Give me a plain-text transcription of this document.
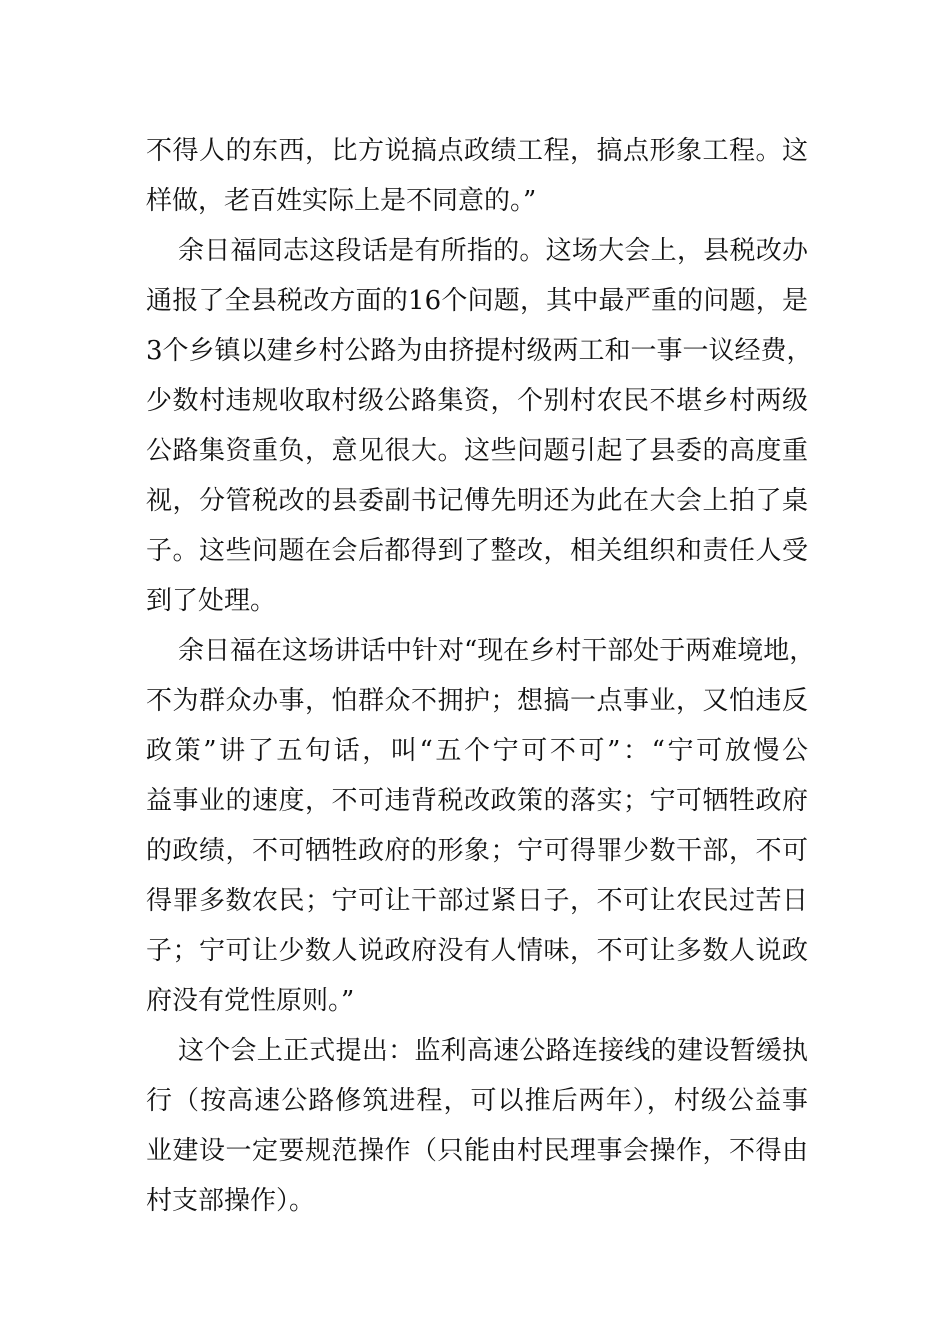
不得人的东西，比方说搞点政绩工程，搞点形象工程。这
样做，老百姓实际上是不同意的。”
余日福同志这段话是有所指的。这场大会上，县税改办
通报了全县税改方面的16个问题，其中最严重的问题，是
3个乡镇以建乡村公路为由挤提村级两工和一事一议经费，
少数村违规收取村级公路集资，个别村农民不堪乡村两级
公路集资重负，意见很大。这些问题引起了县委的高度重
视，分管税改的县委副书记傅先明还为此在大会上拍了桌
子。这些问题在会后都得到了整改，相关组织和责任人受
到了处理。
余日福在这场讲话中针对“现在乡村干部处于两难境地，
不为群众办事，怕群众不拥护；想搞一点事业，又怕违反
政策”讲了五句话，叫“五个宁可不可”：“宁可放慢公
益事业的速度，不可违背税改政策的落实；宁可牺牲政府
的政绩，不可牺牲政府的形象；宁可得罪少数干部，不可
得罪多数农民；宁可让干部过紧日子，不可让农民过苦日
子；宁可让少数人说政府没有人情味，不可让多数人说政
府没有党性原则。”
这个会上正式提出：监利高速公路连接线的建设暂缓执
行（按高速公路修筑进程，可以推后两年），村级公益事
业建设一定要规范操作（只能由村民理事会操作，不得由
村支部操作）。
